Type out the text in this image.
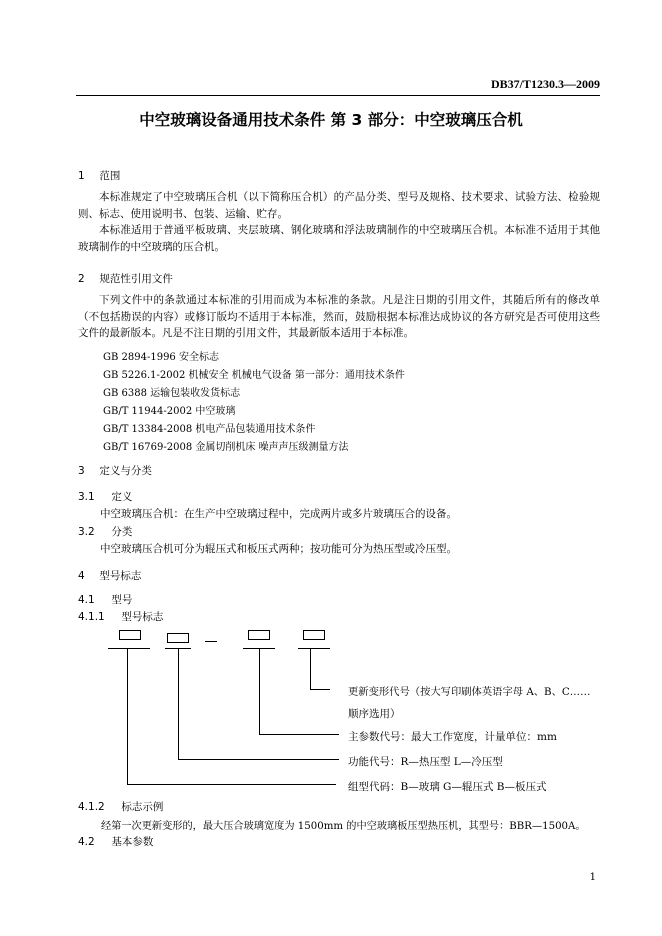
DB37/T1230.3—2009
中空玻璃设备通用技术条件 第 3 部分：中空玻璃压合机
1 范围
本标准规定了中空玻璃压合机（以下简称压合机）的产品分类、型号及规格、技术要求、试验方法、检验规则、标志、使用说明书、包装、运输、贮存。
本标准适用于普通平板玻璃、夹层玻璃、钢化玻璃和浮法玻璃制作的中空玻璃压合机。本标准不适用于其他玻璃制作的中空玻璃的压合机。
2 规范性引用文件
下列文件中的条款通过本标准的引用而成为本标准的条款。凡是注日期的引用文件，其随后所有的修改单（不包括勘误的内容）或修订版均不适用于本标准，然而，鼓励根据本标准达成协议的各方研究是否可使用这些文件的最新版本。凡是不注日期的引用文件，其最新版本适用于本标准。
GB 2894-1996 安全标志
GB 5226.1-2002 机械安全 机械电气设备 第一部分：通用技术条件
GB 6388 运输包装收发货标志
GB/T 11944-2002 中空玻璃
GB/T 13384-2008 机电产品包装通用技术条件
GB/T 16769-2008 金属切削机床 噪声声压级测量方法
3 定义与分类
3.1 定义
中空玻璃压合机：在生产中空玻璃过程中，完成两片或多片玻璃压合的设备。
3.2 分类
中空玻璃压合机可分为辊压式和板压式两种；按功能可分为热压型或冷压型。
4 型号标志
4.1 型号
4.1.1 型号标志
更新变形代号（按大写印刷体英语字母 A、B、C……
顺序选用）
主参数代号：最大工作宽度，计量单位：mm
功能代号：R—热压型 L—冷压型
组型代码：B—玻璃 G—辊压式 B—板压式
4.1.2 标志示例
经第一次更新变形的，最大压合玻璃宽度为 1500mm 的中空玻璃板压型热压机，其型号：BBR—1500A。
4.2 基本参数
1
